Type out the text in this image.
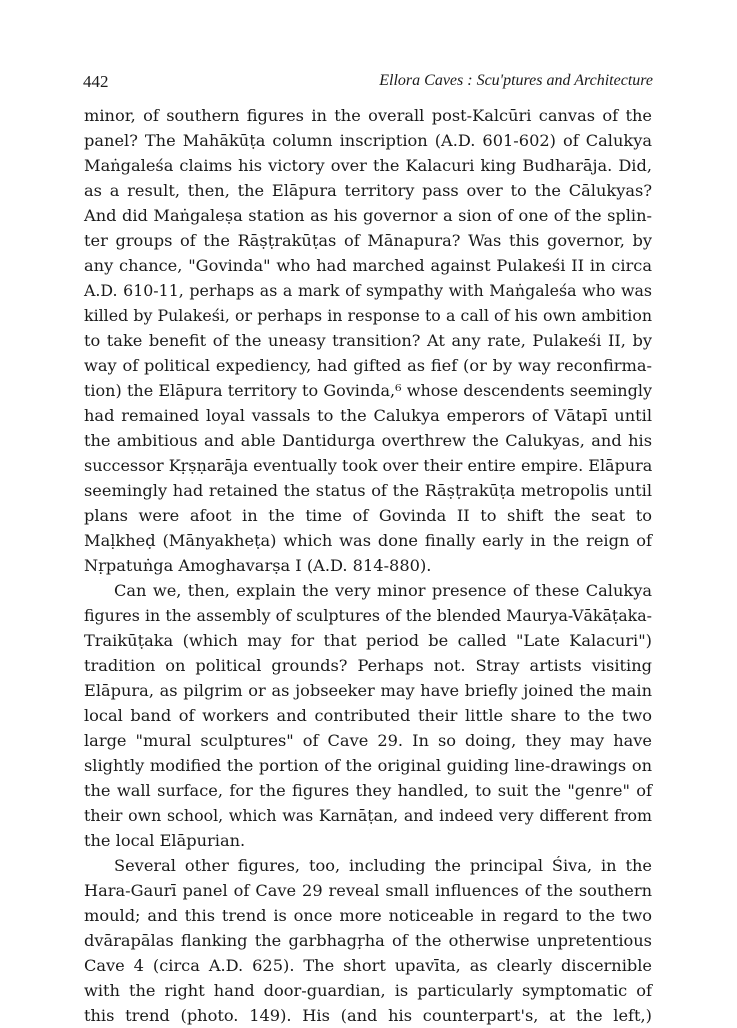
442	Ellora Caves : Scu'ptures and Architecture
minor, of southern figures in the overall post-Kalcūri canvas of the
panel? The Mahākūṭa column inscription (A.D. 601-602) of Calukya
Maṅgaleśa claims his victory over the Kalacuri king Budharāja. Did,
as a result, then, the Elāpura territory pass over to the Cālukyas?
And did Maṅgaleṣa station as his governor a sion of one of the splin-
ter groups of the Rāṣṭrakūṭas of Mānapura? Was this governor, by
any chance, "Govinda" who had marched against Pulakeśi II in circa
A.D. 610-11, perhaps as a mark of sympathy with Maṅgaleśa who was
killed by Pulakeśi, or perhaps in response to a call of his own ambition
to take benefit of the uneasy transition? At any rate, Pulakeśi II, by
way of political expediency, had gifted as fief (or by way reconfirma-
tion) the Elāpura territory to Govinda,⁶ whose descendents seemingly
had remained loyal vassals to the Calukya emperors of Vātapī until
the ambitious and able Dantidurga overthrew the Calukyas, and his
successor Kṛṣṇarāja eventually took over their entire empire. Elāpura
seemingly had retained the status of the Rāṣṭrakūṭa metropolis until
plans were afoot in the time of Govinda II to shift the seat to
Maḷkheḍ (Mānyakheṭa) which was done finally early in the reign of
Nṛpatuṅga Amoghavarṣa I (A.D. 814-880).
Can we, then, explain the very minor presence of these Calukya
figures in the assembly of sculptures of the blended Maurya-Vākāṭaka-
Traikūṭaka (which may for that period be called "Late Kalacuri")
tradition on political grounds? Perhaps not. Stray artists visiting
Elāpura, as pilgrim or as jobseeker may have briefly joined the main
local band of workers and contributed their little share to the two
large "mural sculptures" of Cave 29. In so doing, they may have
slightly modified the portion of the original guiding line-drawings on
the wall surface, for the figures they handled, to suit the "genre" of
their own school, which was Karnāṭan, and indeed very different from
the local Elāpurian.
Several other figures, too, including the principal Śiva, in the
Hara-Gaurī panel of Cave 29 reveal small influences of the southern
mould; and this trend is once more noticeable in regard to the two
dvārapālas flanking the garbhagṛha of the otherwise unpretentious
Cave 4 (circa A.D. 625). The short upavīta, as clearly discernible
with the right hand door-guardian, is particularly symptomatic of
this trend (photo. 149). His (and his counterpart's, at the left,)
